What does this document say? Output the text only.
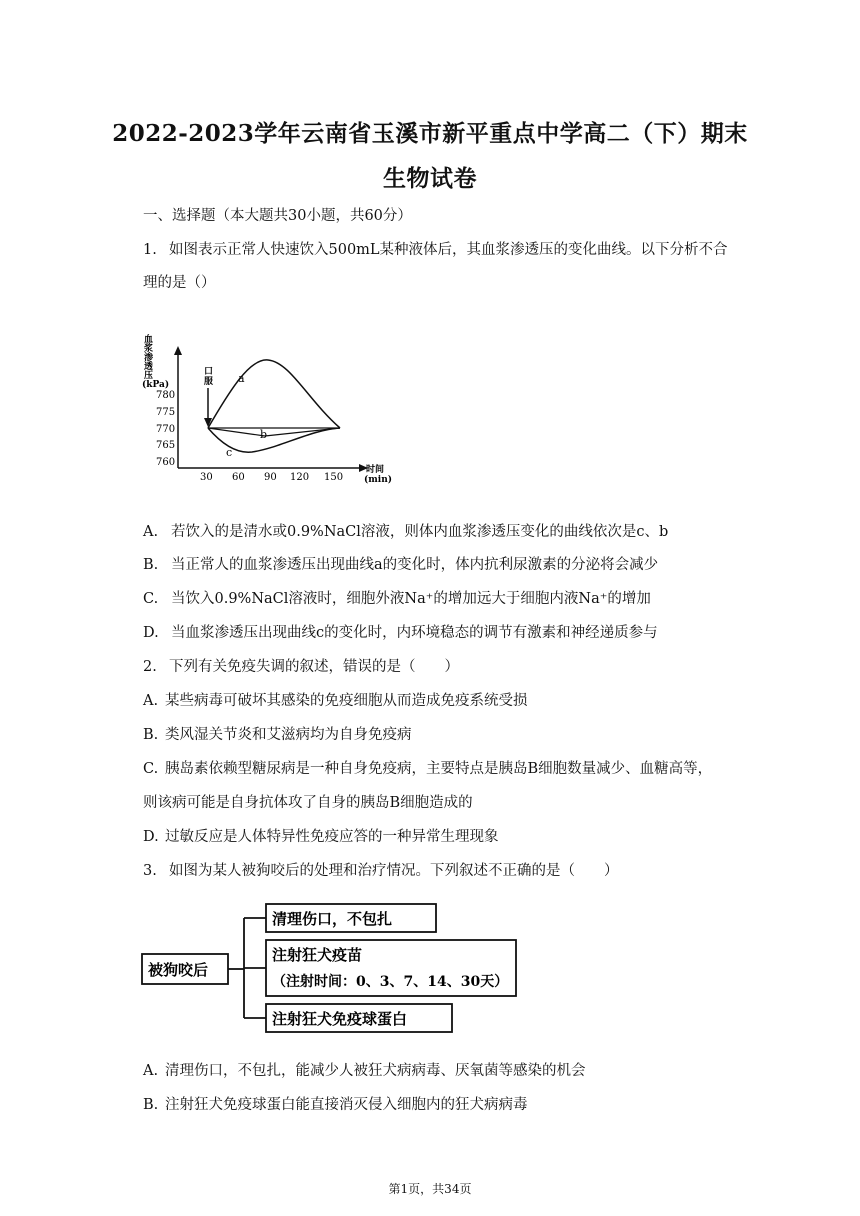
2022-2023学年云南省玉溪市新平重点中学高二（下）期末
生物试卷
一、选择题（本大题共30小题，共60分）
1. 如图表示正常人快速饮入500mL某种液体后，其血浆渗透压的变化曲线。以下分析不合
理的是（）
血浆渗透压(kPa)
780
775
770
765
760
30 60 90 120 150
时间(min)
a
b
c
口服
A. 若饮入的是清水或0.9%NaCl溶液，则体内血浆渗透压变化的曲线依次是c、b
B. 当正常人的血浆渗透压出现曲线a的变化时，体内抗利尿激素的分泌将会减少
C. 当饮入0.9%NaCl溶液时，细胞外液Na⁺的增加远大于细胞内液Na⁺的增加
D. 当血浆渗透压出现曲线c的变化时，内环境稳态的调节有激素和神经递质参与
2. 下列有关免疫失调的叙述，错误的是（　　）
A. 某些病毒可破坏其感染的免疫细胞从而造成免疫系统受损
B. 类风湿关节炎和艾滋病均为自身免疫病
C. 胰岛素依赖型糖尿病是一种自身免疫病，主要特点是胰岛B细胞数量减少、血糖高等，
则该病可能是自身抗体攻了自身的胰岛B细胞造成的
D. 过敏反应是人体特异性免疫应答的一种异常生理现象
3. 如图为某人被狗咬后的处理和治疗情况。下列叙述不正确的是（　　）
被狗咬后
清理伤口，不包扎
注射狂犬疫苗
（注射时间：0、3、7、14、30天）
注射狂犬免疫球蛋白
A. 清理伤口，不包扎，能减少人被狂犬病病毒、厌氧菌等感染的机会
B. 注射狂犬免疫球蛋白能直接消灭侵入细胞内的狂犬病病毒
第1页，共34页
